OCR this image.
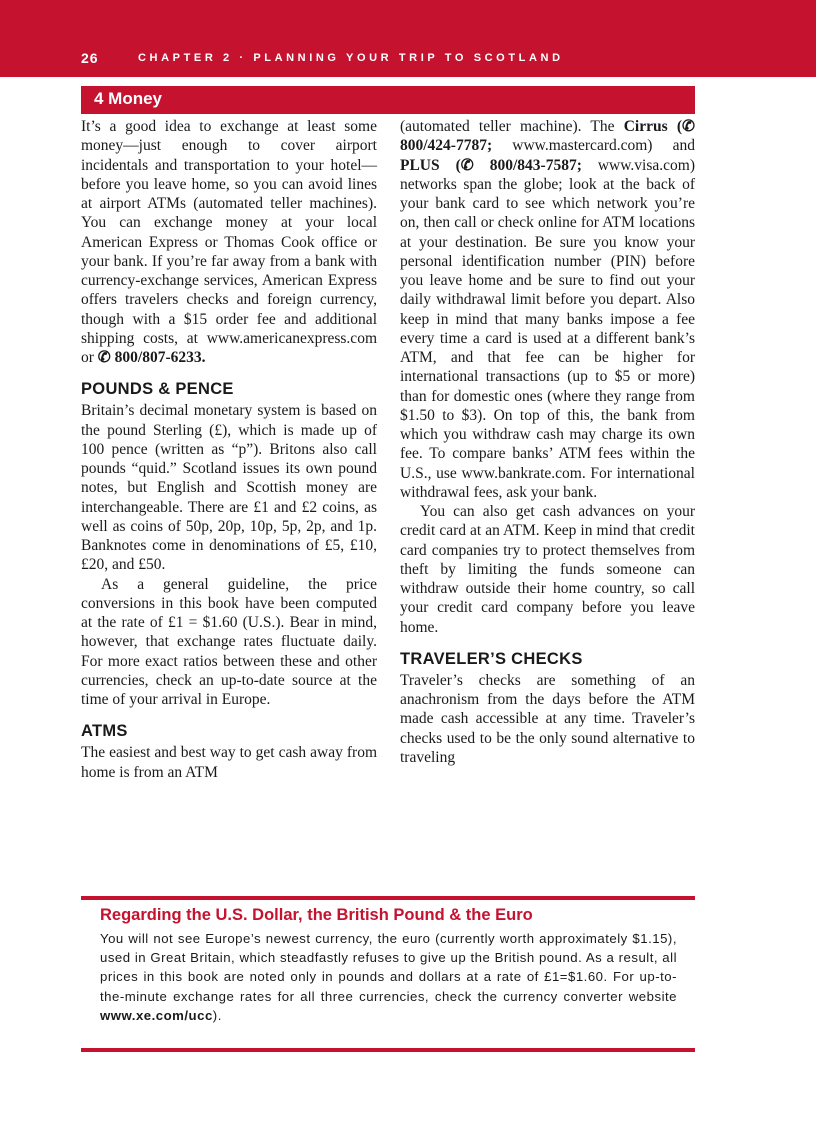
26	CHAPTER 2 · PLANNING YOUR TRIP TO SCOTLAND
4 Money

It’s a good idea to exchange at least some money—just enough to cover airport incidentals and transportation to your hotel—before you leave home, so you can avoid lines at airport ATMs (automated teller machines). You can exchange money at your local American Express or Thomas Cook office or your bank. If you’re far away from a bank with currency-exchange services, American Express offers travelers checks and foreign currency, though with a $15 order fee and additional shipping costs, at www.americanexpress.com or ✆ 800/807-6233.

POUNDS & PENCE

Britain’s decimal monetary system is based on the pound Sterling (£), which is made up of 100 pence (written as “p”). Britons also call pounds “quid.” Scotland issues its own pound notes, but English and Scottish money are interchangeable. There are £1 and £2 coins, as well as coins of 50p, 20p, 10p, 5p, 2p, and 1p. Banknotes come in denominations of £5, £10, £20, and £50.

As a general guideline, the price conversions in this book have been computed at the rate of £1 = $1.60 (U.S.). Bear in mind, however, that exchange rates fluctuate daily. For more exact ratios between these and other currencies, check an up-to-date source at the time of your arrival in Europe.

ATMS

The easiest and best way to get cash away from home is from an ATM

(automated teller machine). The Cirrus (✆ 800/424-7787; www.mastercard.com) and PLUS (✆ 800/843-7587; www.visa.com) networks span the globe; look at the back of your bank card to see which network you’re on, then call or check online for ATM locations at your destination. Be sure you know your personal identification number (PIN) before you leave home and be sure to find out your daily withdrawal limit before you depart. Also keep in mind that many banks impose a fee every time a card is used at a different bank’s ATM, and that fee can be higher for international transactions (up to $5 or more) than for domestic ones (where they range from $1.50 to $3). On top of this, the bank from which you withdraw cash may charge its own fee. To compare banks’ ATM fees within the U.S., use www.bankrate.com. For international withdrawal fees, ask your bank.

You can also get cash advances on your credit card at an ATM. Keep in mind that credit card companies try to protect themselves from theft by limiting the funds someone can withdraw outside their home country, so call your credit card company before you leave home.

TRAVELER’S CHECKS

Traveler’s checks are something of an anachronism from the days before the ATM made cash accessible at any time. Traveler’s checks used to be the only sound alternative to traveling

Regarding the U.S. Dollar, the British Pound & the Euro
You will not see Europe’s newest currency, the euro (currently worth approximately $1.15), used in Great Britain, which steadfastly refuses to give up the British pound. As a result, all prices in this book are noted only in pounds and dollars at a rate of £1=$1.60. For up-to-the-minute exchange rates for all three currencies, check the currency converter website www.xe.com/ucc).
